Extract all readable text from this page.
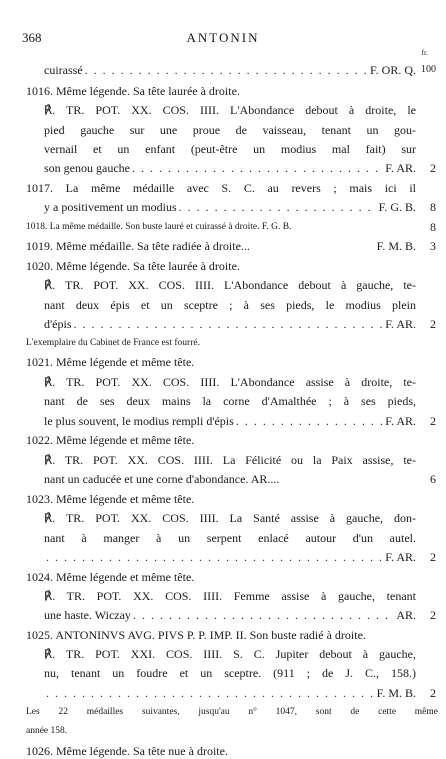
368	ANTONIN
fr.
cuirassé . . .	F. OR. Q. 100
1016. Même légende. Sa tête laurée à droite.
℟. TR. POT. XX. COS. IIII. L'Abondance debout à droite, le
pied gauche sur une proue de vaisseau, tenant un gou-
vernail et un enfant (peut-être un modius mal fait) sur
son genou gauche . . .	F. AR.	2
1017. La même médaille avec S. C. au revers ; mais ici il
y a positivement un modius . . .	F. G. B.	8
1018. La même médaille. Son buste lauré et cuirassé à droite. F. G. B.	8
1019. Même médaille. Sa tête radiée à droite...	F. M. B.	3
1020. Même légende. Sa tête laurée à droite.
℟. TR. POT. XX. COS. IIII. L'Abondance debout à gauche, te-
nant deux épis et un sceptre ; à ses pieds, le modius plein
d'épis . . .	F. AR.	2
L'exemplaire du Cabinet de France est fourré.
1021. Même légende et même tête.
℟. TR. POT. XX. COS. IIII. L'Abondance assise à droite, te-
nant de ses deux mains la corne d'Amalthée ; à ses pieds,
le plus souvent, le modius rempli d'épis . . .	F. AR.	2
1022. Même légende et même tête.
℟. TR. POT. XX. COS. IIII. La Félicité ou la Paix assise, te-
nant un caducée et une corne d'abondance. AR....	6
1023. Même légende et même tête.
℟. TR. POT. XX. COS. IIII. La Santé assise à gauche, don-
nant à manger à un serpent enlacé autour d'un autel.
. . .
F. AR.	2
1024. Même légende et même tête.
℟. TR. POT. XX. COS. IIII. Femme assise à gauche, tenant
une haste. Wiczay . . .	AR.	2
1025. ANTONINVS AVG. PIVS P. P. IMP. II. Son buste radié à droite.
℟. TR. POT. XXI. COS. IIII. S. C. Jupiter debout à gauche,
nu, tenant un foudre et un sceptre. (911 ; de J. C., 158.)
. . .
F. M. B.	2
Les 22 médailles suivantes, jusqu'au n° 1047, sont de cette même
année 158.
1026. Même légende. Sa tête nue à droite.
